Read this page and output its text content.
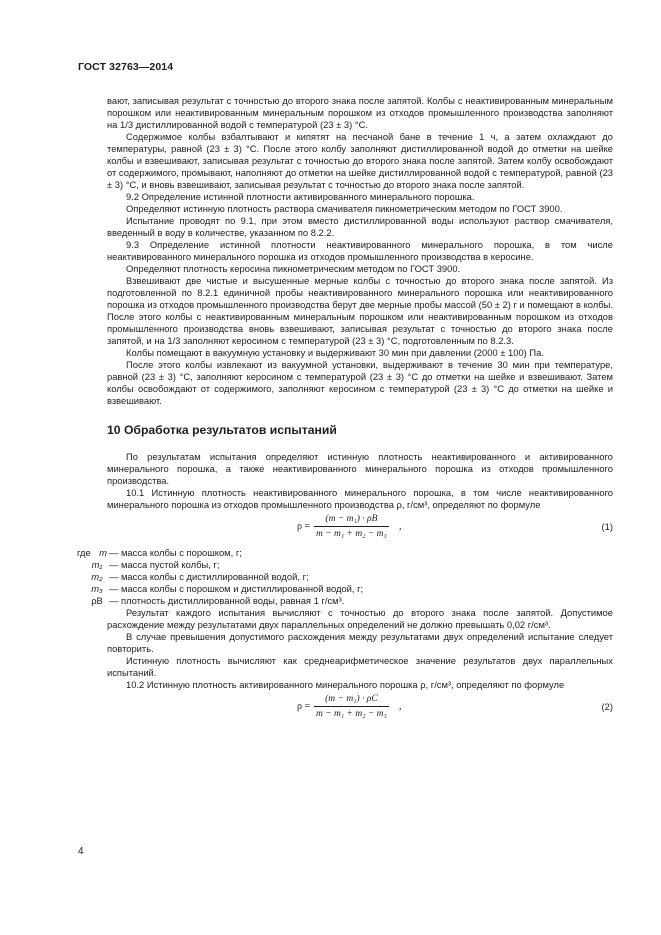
ГОСТ 32763—2014

вают, записывая результат с точностью до второго знака после запятой. Колбы с неактивированным минеральным порошком или неактивированным минеральным порошком из отходов промышленного производства заполняют на 1/3 дистиллированной водой с температурой (23 ± 3) °С.

Содержимое колбы взбалтывают и кипятят на песчаной бане в течение 1 ч, а затем охлаждают до температуры, равной (23 ± 3) °С. После этого колбу заполняют дистиллированной водой до отметки на шейке колбы и взвешивают, записывая результат с точностью до второго знака после запятой. Затем колбу освобождают от содержимого, промывают, наполняют до отметки на шейке дистиллированной водой с температурой, равной (23 ± 3) °С, и вновь взвешивают, записывая результат с точностью до второго знака после запятой.

9.2 Определение истинной плотности активированного минерального порошка.

Определяют истинную плотность раствора смачивателя пикнометрическим методом по ГОСТ 3900.

Испытание проводят по 9.1, при этом вместо дистиллированной воды используют раствор смачивателя, введенный в воду в количестве, указанном по 8.2.2.

9.3 Определение истинной плотности неактивированного минерального порошка, в том числе неактивированного минерального порошка из отходов промышленного производства в керосине.

Определяют плотность керосина пикнометрическим методом по ГОСТ 3900.

Взвешивают две чистые и высушенные мерные колбы с точностью до второго знака после запятой. Из подготовленной по 8.2.1 единичной пробы неактивированного минерального порошка или неактивированного порошка из отходов промышленного производства берут две мерные пробы массой (50 ± 2) г и помещают в колбы. После этого колбы с неактивированным минеральным порошком или неактивированным порошком из отходов промышленного производства вновь взвешивают, записывая результат с точностью до второго знака после запятой, и на 1/3 заполняют керосином с температурой (23 ± 3) °С, подготовленным по 8.2.3.

Колбы помещают в вакуумную установку и выдерживают 30 мин при давлении (2000 ± 100) Па.

После этого колбы извлекают из вакуумной установки, выдерживают в течение 30 мин при температуре, равной (23 ± 3) °С, заполняют керосином с температурой (23 ± 3) °С до отметки на шейке и взвешивают. Затем колбы освобождают от содержимого, заполняют керосином с температурой (23 ± 3) °С до отметки на шейке и взвешивают.

10 Обработка результатов испытаний

По результатам испытания определяют истинную плотность неактивированного и активированного минерального порошка, а также неактивированного минерального порошка из отходов промышленного производства.

10.1 Истинную плотность неактивированного минерального порошка, в том числе неактивированного минерального порошка из отходов промышленного производства ρ, г/см³, определяют по формуле

ρ =
(m − m₁) · ρВ
m − m₁ + m₂ − m₃
,	(1)
где m — масса колбы с порошком, г;
m₁ — масса пустой колбы, г;
m₂ — масса колбы с дистиллированной водой, г;
m₃ — масса колбы с порошком и дистиллированной водой, г;
ρВ — плотность дистиллированной воды, равная 1 г/см³.

Результат каждого испытания вычисляют с точностью до второго знака после запятой. Допустимое расхождение между результатами двух параллельных определений не должно превышать 0,02 г/см³.

В случае превышения допустимого расхождения между результатами двух определений испытание следует повторить.

Истинную плотность вычисляют как среднеарифметическое значение результатов двух параллельных испытаний.

10.2 Истинную плотность активированного минерального порошка ρ, г/см³, определяют по формуле

ρ =
(m − m₁) · ρС
m − m₁ + m₂ − m₃
,	(2)
4
